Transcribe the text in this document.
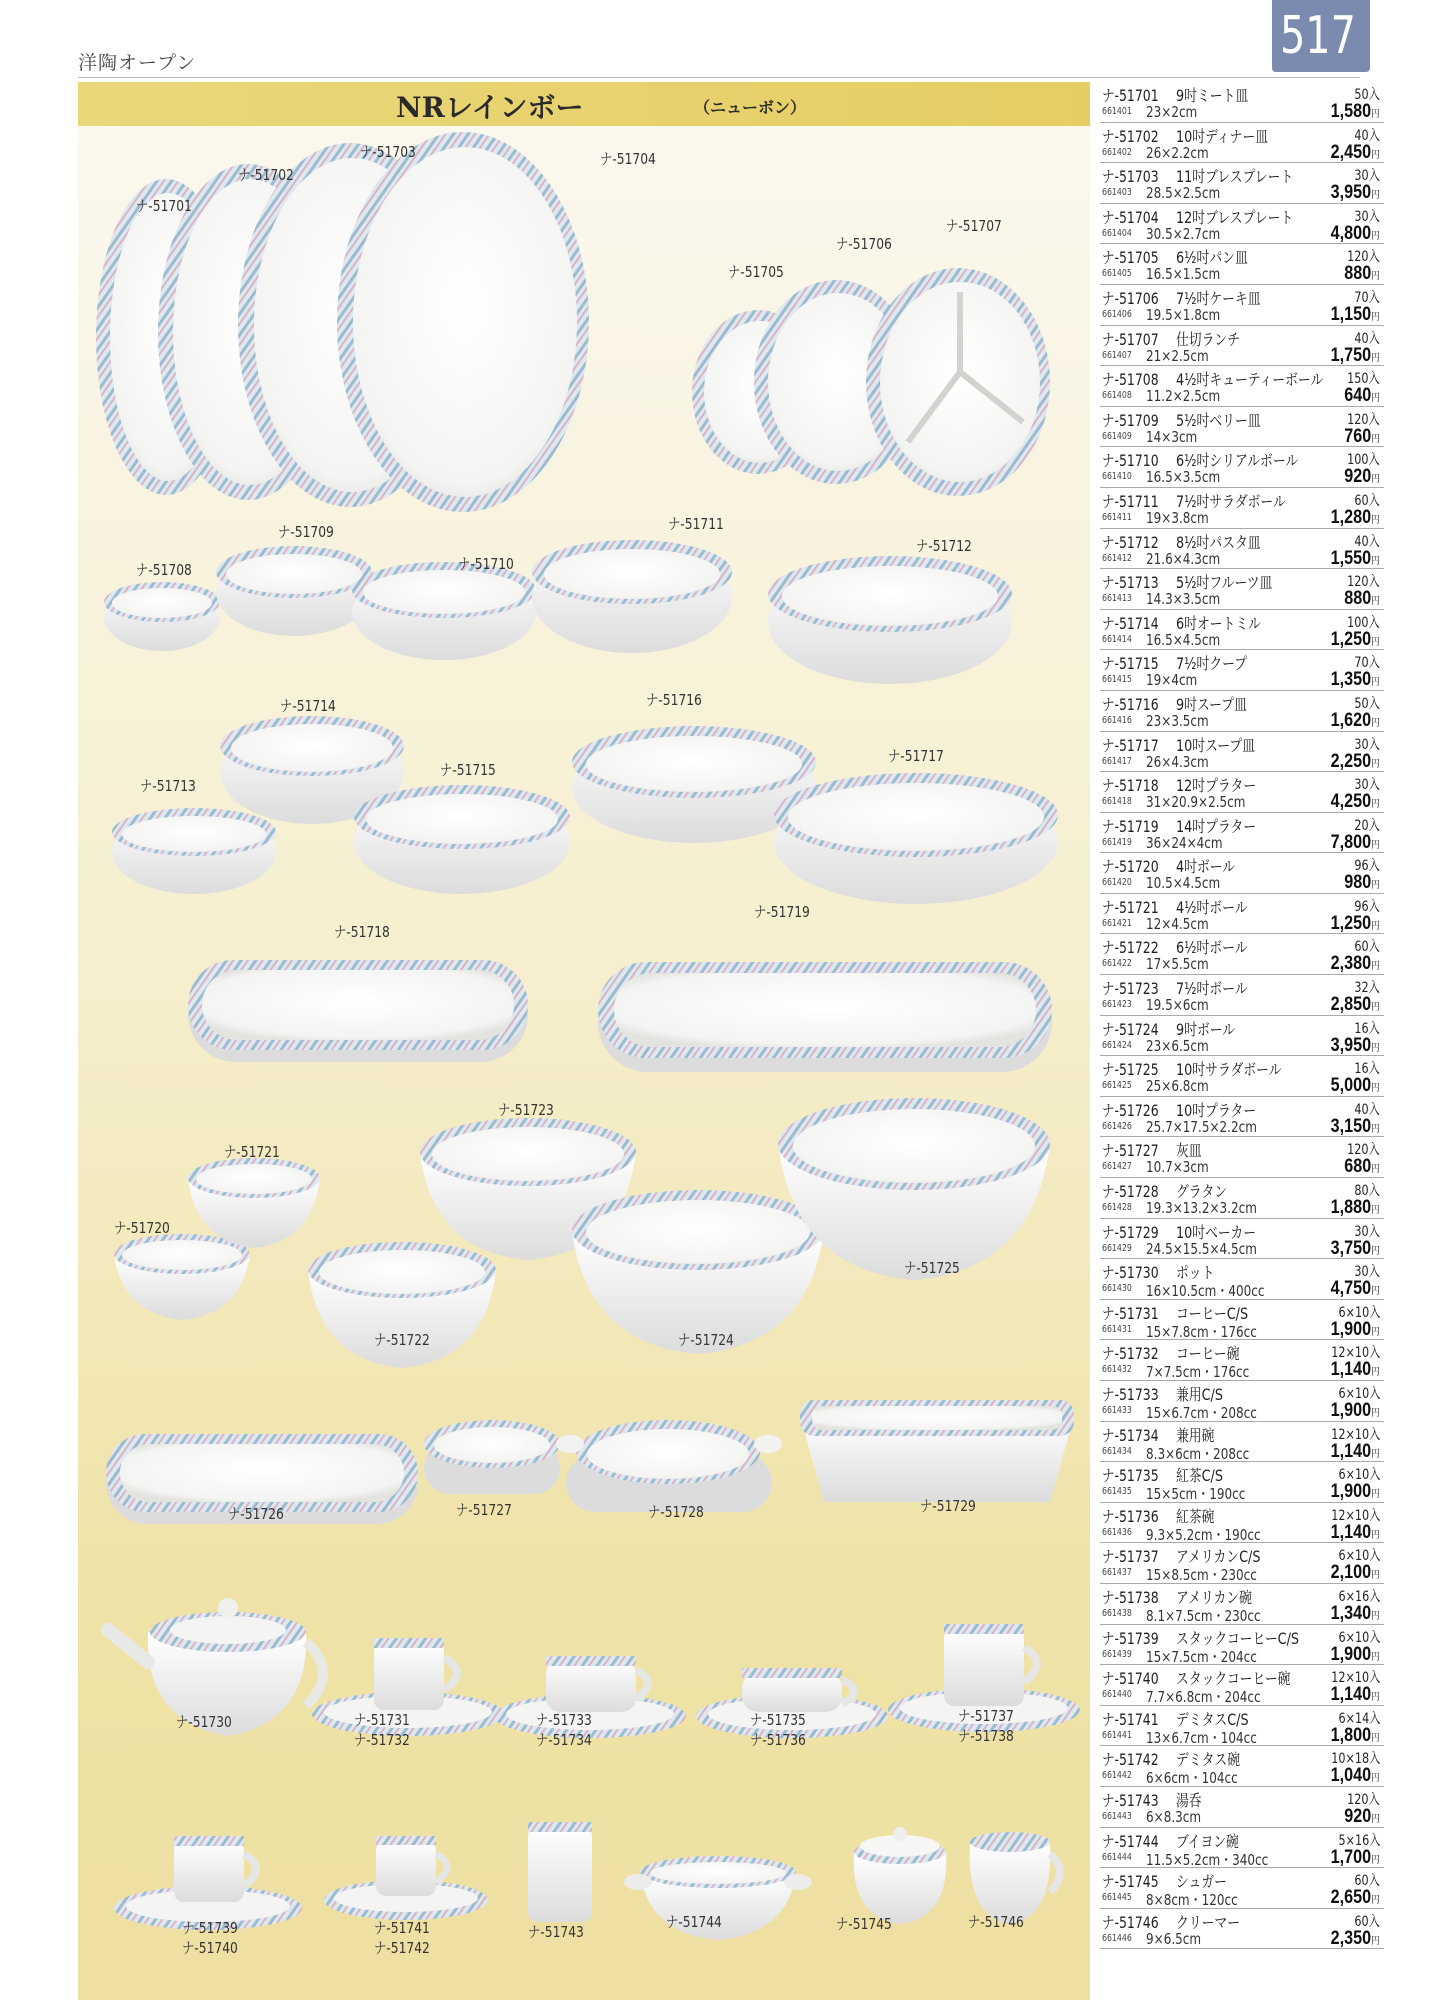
洋陶オープン	517
NRレインボー	（ニューボン）
ナ-51701
ナ-51702
ナ-51703	ナ-51704
ナ-51705
ナ-51706
ナ-51707
ナ-51708
ナ-51709
ナ-51710
ナ-51711
ナ-51712
ナ-51713
ナ-51714
ナ-51715
ナ-51716
ナ-51717
ナ-51718
ナ-51719
ナ-51720
ナ-51721
ナ-51722
ナ-51723
ナ-51724
ナ-51725
ナ-51726	ナ-51727	ナ-51728	ナ-51729
ナ-51730	ナ-51731
ナ-51732
ナ-51733
ナ-51734
ナ-51735
ナ-51736
ナ-51737
ナ-51738
ナ-51739
ナ-51740
ナ-51741
ナ-51742
ナ-51743
ナ-51744	ナ-51745	ナ-51746
ナ-51701 9吋ミート皿	50入
661401 23×2cm	1,580円
ナ-51702 10吋ディナー皿	40入
661402 26×2.2cm	2,450円
ナ-51703 11吋ブレスプレート	30入
661403 28.5×2.5cm	3,950円
ナ-51704 12吋ブレスプレート	30入
661404 30.5×2.7cm	4,800円
ナ-51705 6½吋パン皿	120入
661405 16.5×1.5cm	880円
ナ-51706 7½吋ケーキ皿	70入
661406 19.5×1.8cm	1,150円
ナ-51707 仕切ランチ	40入
661407 21×2.5cm	1,750円
ナ-51708 4½吋キューティーボール 150入
661408 11.2×2.5cm	640円
ナ-51709 5½吋ベリー皿	120入
661409 14×3cm	760円
ナ-51710 6½吋シリアルボール	100入
661410 16.5×3.5cm	920円
ナ-51711 7½吋サラダボール	60入
661411 19×3.8cm	1,280円
ナ-51712 8½吋パスタ皿	40入
661412 21.6×4.3cm	1,550円
ナ-51713 5½吋フルーツ皿	120入
661413 14.3×3.5cm	880円
ナ-51714 6吋オートミル	100入
661414 16.5×4.5cm	1,250円
ナ-51715 7½吋クープ	70入
661415 19×4cm	1,350円
ナ-51716 9吋スープ皿	50入
661416 23×3.5cm	1,620円
ナ-51717 10吋スープ皿	30入
661417 26×4.3cm	2,250円
ナ-51718 12吋プラター	30入
661418 31×20.9×2.5cm	4,250円
ナ-51719 14吋プラター	20入
661419 36×24×4cm	7,800円
ナ-51720 4吋ボール	96入
661420 10.5×4.5cm	980円
ナ-51721 4½吋ボール	96入
661421 12×4.5cm	1,250円
ナ-51722 6½吋ボール	60入
661422 17×5.5cm	2,380円
ナ-51723 7½吋ボール	32入
661423 19.5×6cm	2,850円
ナ-51724 9吋ボール	16入
661424 23×6.5cm	3,950円
ナ-51725 10吋サラダボール	16入
661425 25×6.8cm	5,000円
ナ-51726 10吋プラター	40入
661426 25.7×17.5×2.2cm	3,150円
ナ-51727 灰皿	120入
661427 10.7×3cm	680円
ナ-51728 グラタン	80入
661428 19.3×13.2×3.2cm	1,880円
ナ-51729 10吋ベーカー	30入
661429 24.5×15.5×4.5cm	3,750円
ナ-51730 ポット	30入
661430 16×10.5cm・400cc	4,750円
ナ-51731 コーヒーC/S	6×10入
661431 15×7.8cm・176cc	1,900円
ナ-51732 コーヒー碗	12×10入
661432 7×7.5cm・176cc	1,140円
ナ-51733 兼用C/S	6×10入
661433 15×6.7cm・208cc	1,900円
ナ-51734 兼用碗	12×10入
661434 8.3×6cm・208cc	1,140円
ナ-51735 紅茶C/S	6×10入
661435 15×5cm・190cc	1,900円
ナ-51736 紅茶碗	12×10入
661436 9.3×5.2cm・190cc	1,140円
ナ-51737 アメリカンC/S	6×10入
661437 15×8.5cm・230cc	2,100円
ナ-51738 アメリカン碗	6×16入
661438 8.1×7.5cm・230cc	1,340円
ナ-51739 スタックコーヒーC/S	6×10入
661439 15×7.5cm・204cc	1,900円
ナ-51740 スタックコーヒー碗	12×10入
661440 7.7×6.8cm・204cc	1,140円
ナ-51741 デミタスC/S	6×14入
661441 13×6.7cm・104cc	1,800円
ナ-51742 デミタス碗	10×18入
661442 6×6cm・104cc	1,040円
ナ-51743 湯呑	120入
661443 6×8.3cm	920円
ナ-51744 ブイヨン碗	5×16入
661444 11.5×5.2cm・340cc	1,700円
ナ-51745 シュガー	60入
661445 8×8cm・120cc	2,650円
ナ-51746 クリーマー	60入
661446 9×6.5cm	2,350円
